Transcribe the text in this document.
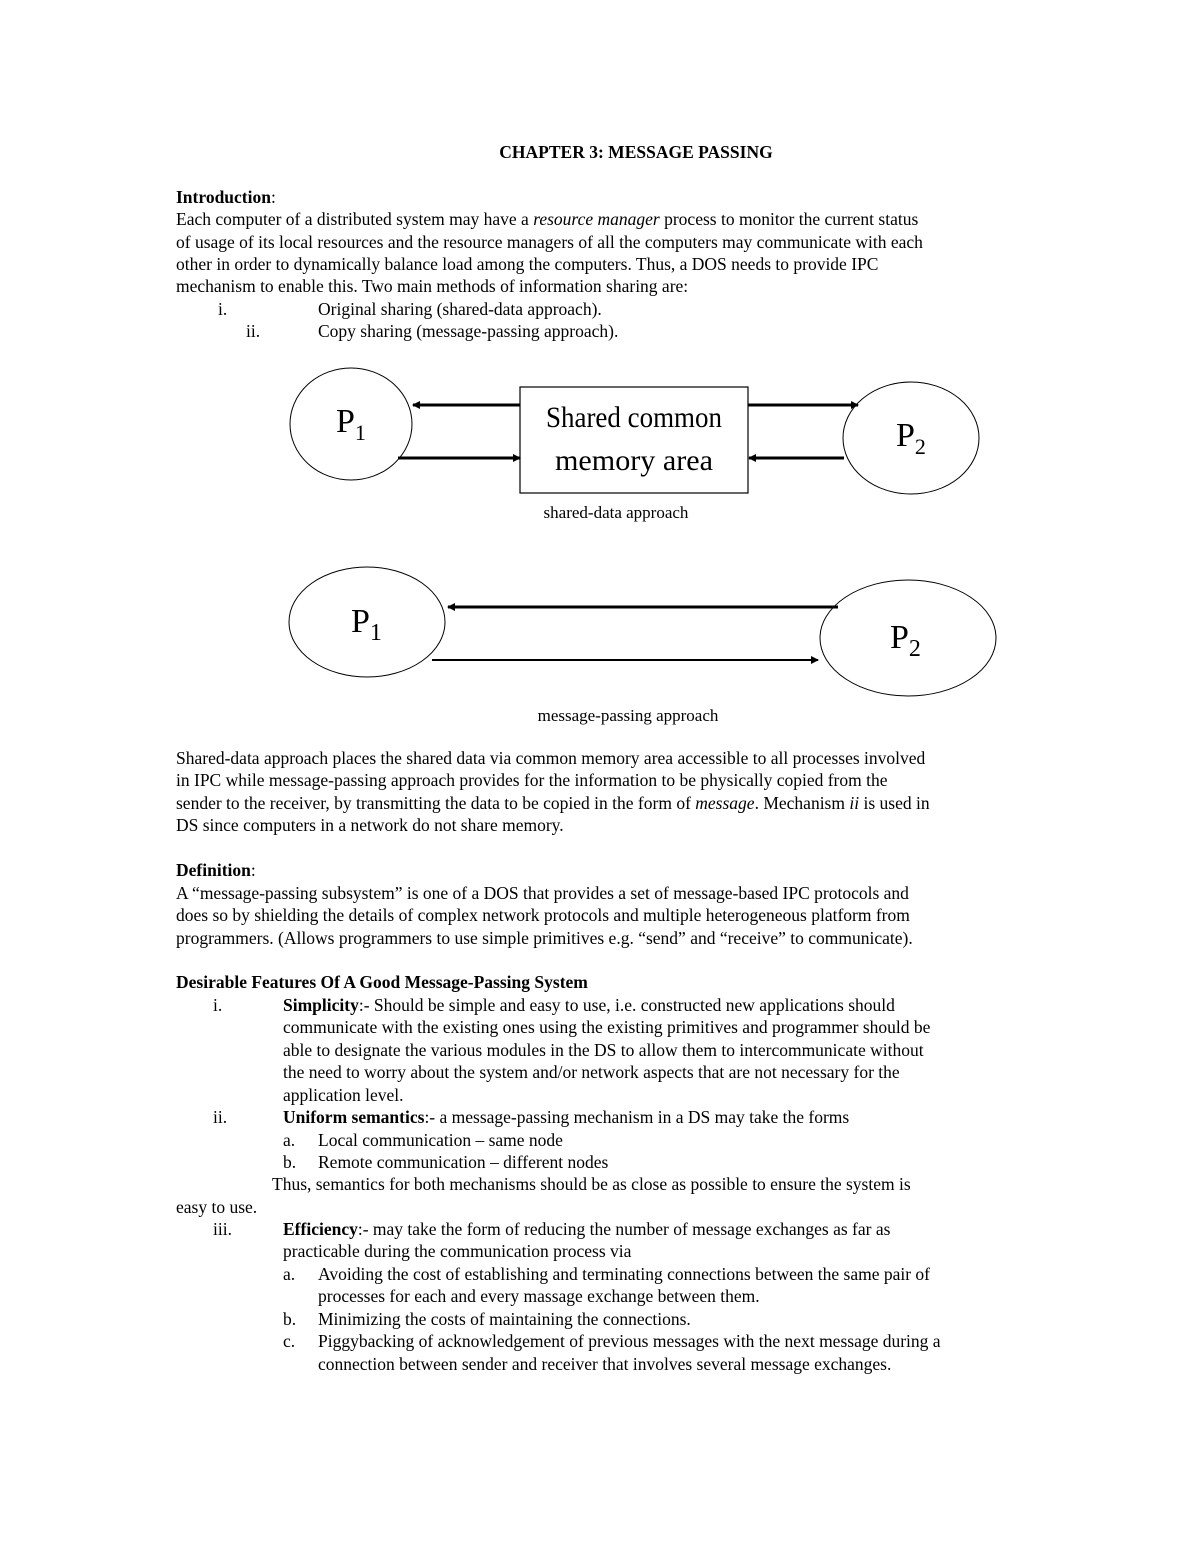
CHAPTER 3: MESSAGE PASSING
$P_1$	$P_2$
Shared common
memory area
shared-data approach
$P_1$	$P_2$
message-passing approach
Introduction:
Each computer of a distributed system may have a resource manager process to monitor the current status
of usage of its local resources and the resource managers of all the computers may communicate with each
other in order to dynamically balance load among the computers. Thus, a DOS needs to provide IPC
mechanism to enable this. Two main methods of information sharing are:
i.	Original sharing (shared-data approach).
ii.	Copy sharing (message-passing approach).
Shared-data approach places the shared data via common memory area accessible to all processes involved
in IPC while message-passing approach provides for the information to be physically copied from the
sender to the receiver, by transmitting the data to be copied in the form of message. Mechanism ii is used in
DS since computers in a network do not share memory.
Definition:
A “message-passing subsystem” is one of a DOS that provides a set of message-based IPC protocols and
does so by shielding the details of complex network protocols and multiple heterogeneous platform from
programmers. (Allows programmers to use simple primitives e.g. “send” and “receive” to communicate).
Desirable Features Of A Good Message-Passing System
i.	Simplicity:- Should be simple and easy to use, i.e. constructed new applications should
communicate with the existing ones using the existing primitives and programmer should be
able to designate the various modules in the DS to allow them to intercommunicate without
the need to worry about the system and/or network aspects that are not necessary for the
application level.
ii.	Uniform semantics:- a message-passing mechanism in a DS may take the forms
a. Local communication – same node
b. Remote communication – different nodes
Thus, semantics for both mechanisms should be as close as possible to ensure the system is
easy to use.
iii.	Efficiency:- may take the form of reducing the number of message exchanges as far as
practicable during the communication process via
a. Avoiding the cost of establishing and terminating connections between the same pair of
processes for each and every massage exchange between them.
b. Minimizing the costs of maintaining the connections.
c. Piggybacking of acknowledgement of previous messages with the next message during a
connection between sender and receiver that involves several message exchanges.
